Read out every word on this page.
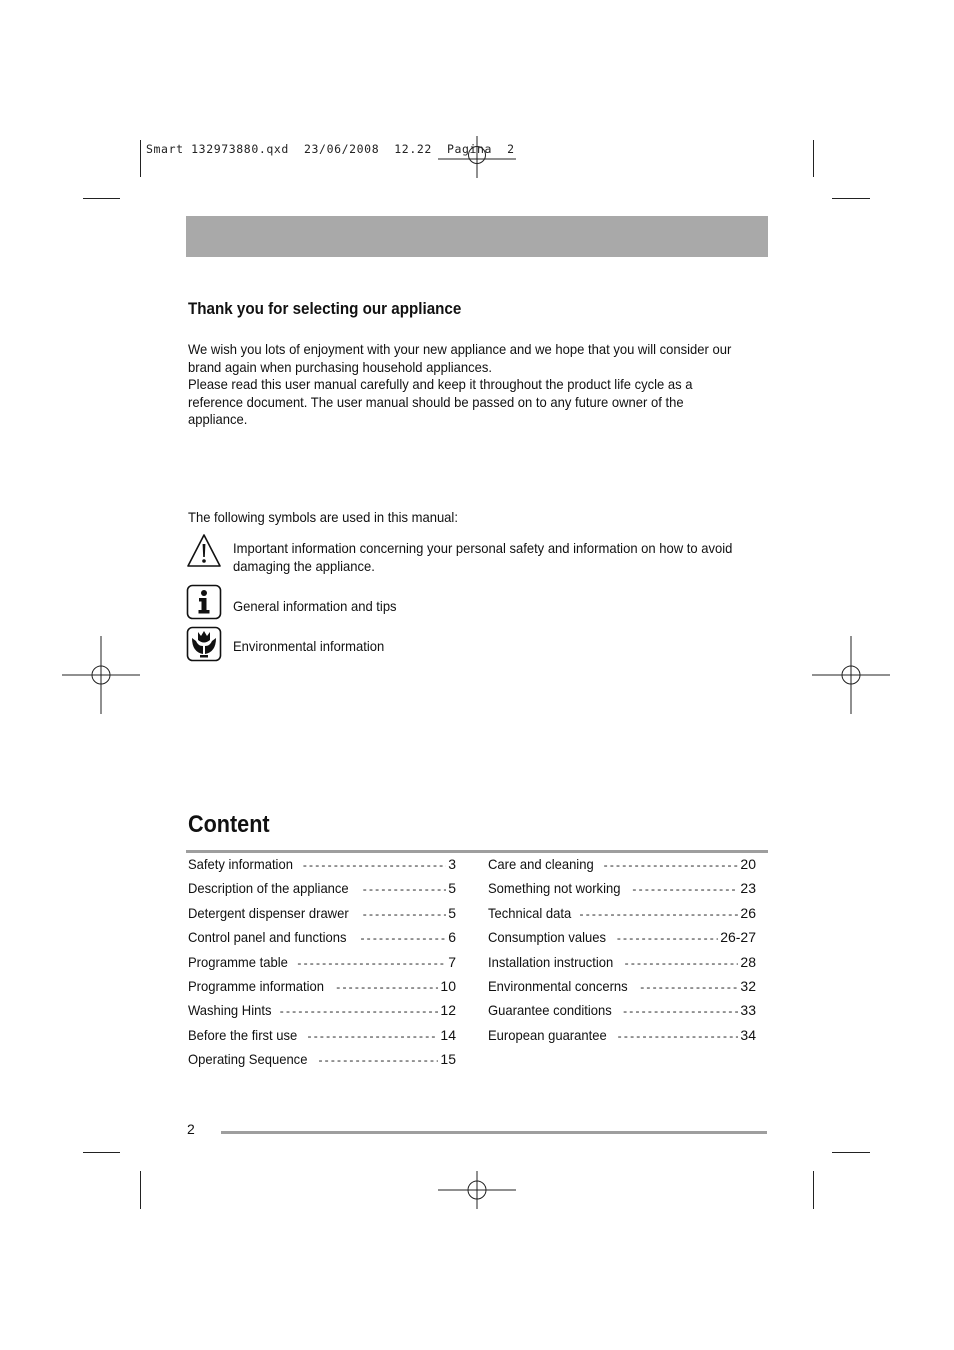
Smart 132973880.qxd  23/06/2008  12.22  Pagina  2
Thank you for selecting our appliance

We wish you lots of enjoyment with your new appliance and we hope that you will consider our brand again when purchasing household appliances.

Please read this user manual carefully and keep it throughout the product life cycle as a reference document. The user manual should be passed on to any future owner of the appliance.

The following symbols are used in this manual:
Important information concerning your personal safety and information on how to avoid damaging the appliance.
General information and tips
Environmental information
Content
Safety information -----	3
Description of the appliance -----	5
Detergent dispenser drawer -----	5
Control panel and functions -----	6
Programme table -----	7
Programme information -----	10
Washing Hints -----	12
Before the first use -----	14
Operating Sequence -----	15
Care and cleaning -----	20
Something not working -----	23
Technical data -----	26
Consumption values -----	26-27
Installation instruction -----	28
Environmental concerns -----	32
Guarantee conditions -----	33
European guarantee -----	34
2
